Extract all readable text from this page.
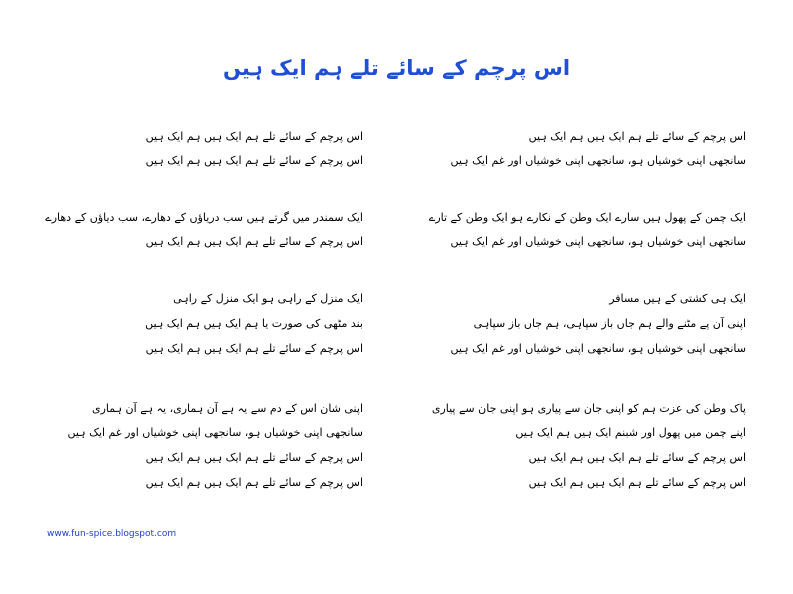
اس پرچم کے سائے تلے ہم ایک ہیں
اس پرچم کے سائے تلے ہم ایک ہیں ہم ایک ہیں
سانجھی اپنی خوشیاں ہو، سانجھی اپنی خوشیاں اور غم ایک ہیں
اس پرچم کے سائے تلے ہم ایک ہیں ہم ایک ہیں
اس پرچم کے سائے تلے ہم ایک ہیں ہم ایک ہیں
ایک چمن کے پھول ہیں سارے ایک وطن کے نکارے ہو ایک وطن کے تارے
سانجھی اپنی خوشیاں ہو، سانجھی اپنی خوشیاں اور غم ایک ہیں
ایک سمندر میں گرتے ہیں سب دریاؤں کے دھارے، سب دیاؤں کے دھارے
اس پرچم کے سائے تلے ہم ایک ہیں ہم ایک ہیں
ایک ہی کشتی کے ہیں مسافر
اپنی آن پے مٹنے والے ہم جاں باز سپاہی، ہم جاں باز سپاہی
سانجھی اپنی خوشیاں ہو، سانجھی اپنی خوشیاں اور غم ایک ہیں
ایک منزل کے راہی ہو ایک منزل کے راہی
بند مٹھی کی صورت یا ہم ایک ہیں ہم ایک ہیں
اس پرچم کے سائے تلے ہم ایک ہیں ہم ایک ہیں
پاک وطن کی عزت ہم کو اپنی جان سے پیاری ہو اپنی جان سے پیاری
اپنے چمن میں پھول اور شبنم ایک ہیں ہم ایک ہیں
اس پرچم کے سائے تلے ہم ایک ہیں ہم ایک ہیں
اس پرچم کے سائے تلے ہم ایک ہیں ہم ایک ہیں
اپنی شان اس کے دم سے یہ ہے آن ہماری، یہ ہے آن ہماری
سانجھی اپنی خوشیاں ہو، سانجھی اپنی خوشیاں اور غم ایک ہیں
اس پرچم کے سائے تلے ہم ایک ہیں ہم ایک ہیں
اس پرچم کے سائے تلے ہم ایک ہیں ہم ایک ہیں
www.fun-spice.blogspot.com
